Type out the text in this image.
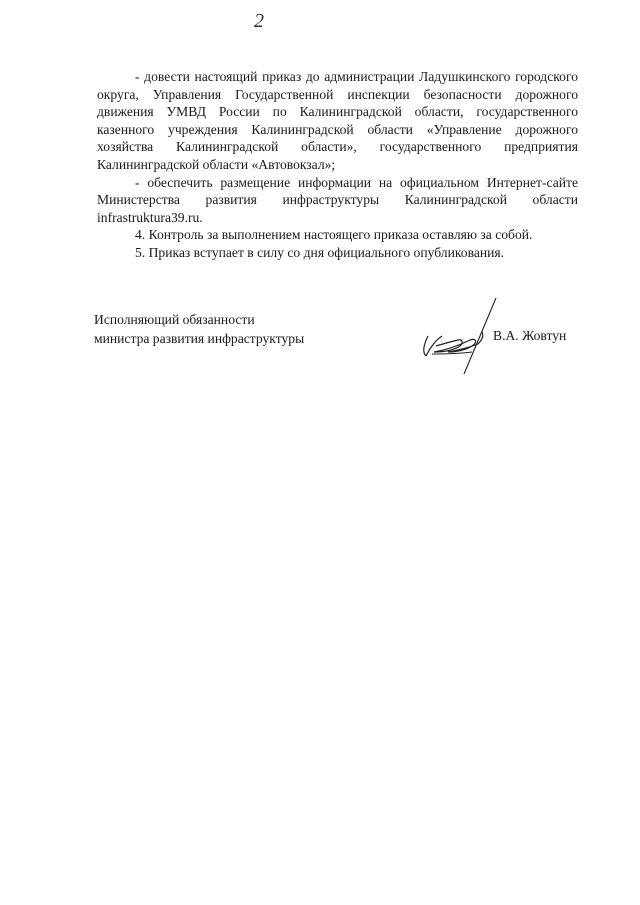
2

- довести настоящий приказ до администрации Ладушкинского городского округа, Управления Государственной инспекции безопасности дорожного движения УМВД России по Калининградской области, государственного казенного учреждения Калининградской области «Управление дорожного хозяйства Калининградской области», государственного предприятия Калининградской области «Автовокзал»;

- обеспечить размещение информации на официальном Интернет-сайте Министерства развития инфраструктуры Калининградской области infrastruktura39.ru.

4. Контроль за выполнением настоящего приказа оставляю за собой.

5. Приказ вступает в силу со дня официального опубликования.

Исполняющий обязанности
министра развития инфраструктуры	В.А. Жовтун
